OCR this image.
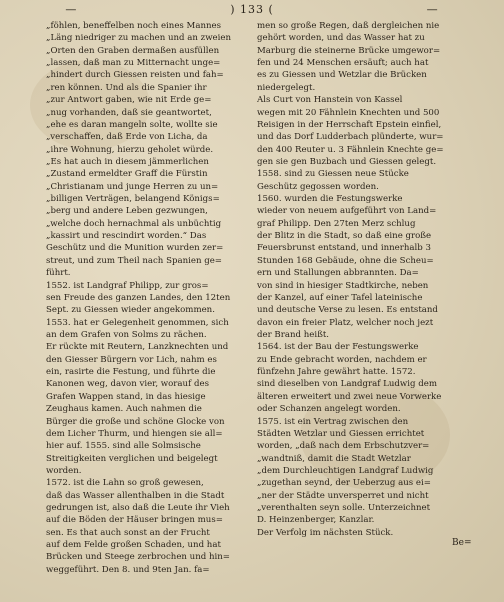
—	) 133 (	—
„föhlen, beneffelben noch eines Mannes
„Läng niedriger zu machen und an zweien
„Orten den Graben dermaßen ausfüllen
„lassen, daß man zu Mitternacht unge=
„hindert durch Giessen reisten und fah=
„ren können. Und als die Spanier ihr
„zur Antwort gaben, wie nit Erde ge=
„nug vorhanden, daß sie geantwortet,
„ehe es daran mangeln solte, wollte sie
„verschaffen, daß Erde von Licha, da
„ihre Wohnung, hierzu geholet würde.
„Es hat auch in diesem jämmerlichen
„Zustand ermeldter Graff die Fürstin
„Christianam und junge Herren zu un=
„billigen Verträgen, belangend Königs=
„berg und andere Leben gezwungen,
„welche doch hernachmal als unbüchtig
„kassirt und rescindirt worden.“ Das
Geschütz und die Munition wurden zer=
streut, und zum Theil nach Spanien ge=
führt.
1552. ist Landgraf Philipp, zur gros=
sen Freude des ganzen Landes, den 12ten
Sept. zu Giessen wieder angekommen.
1553. hat er Gelegenheit genommen, sich
an dem Grafen von Solms zu rächen.
Er rückte mit Reutern, Lanzknechten und
den Giesser Bürgern vor Lich, nahm es
ein, rasirte die Festung, und führte die
Kanonen weg, davon vier, worauf des
Grafen Wappen stand, in das hiesige
Zeughaus kamen. Auch nahmen die
Bürger die große und schöne Glocke von
dem Licher Thurm, und hiengen sie all=
hier auf. 1555. sind alle Solmsische
Streitigkeiten verglichen und beigelegt
worden.
1572. ist die Lahn so groß gewesen,
daß das Wasser allenthalben in die Stadt
gedrungen ist, also daß die Leute ihr Vieh
auf die Böden der Häuser bringen mus=
sen. Es that auch sonst an der Frucht
auf dem Felde großen Schaden, und hat
Brücken und Steege zerbrochen und hin=
weggeführt. Den 8. und 9ten Jan. fa=
men so große Regen, daß dergleichen nie
gehört worden, und das Wasser hat zu
Marburg die steinerne Brücke umgewor=
fen und 24 Menschen ersäuft; auch hat
es zu Giessen und Wetzlar die Brücken
niedergelegt.
Als Curt von Hanstein von Kassel
wegen mit 20 Fähnlein Knechten und 500
Reisigen in der Herrschaft Epstein einfiel,
und das Dorf Ludderbach plünderte, wur=
den 400 Reuter u. 3 Fähnlein Knechte ge=
gen sie gen Buzbach und Giessen gelegt.
1558. sind zu Giessen neue Stücke
Geschütz gegossen worden.
1560. wurden die Festungswerke
wieder von neuem aufgeführt von Land=
graf Philipp. Den 27ten Merz schlug
der Blitz in die Stadt, so daß eine große
Feuersbrunst entstand, und innerhalb 3
Stunden 168 Gebäude, ohne die Scheu=
ern und Stallungen abbrannten. Da=
von sind in hiesiger Stadtkirche, neben
der Kanzel, auf einer Tafel lateinische
und deutsche Verse zu lesen. Es entstand
davon ein freier Platz, welcher noch jezt
der Brand heißt.
1564. ist der Bau der Festungswerke
zu Ende gebracht worden, nachdem er
fünfzehn Jahre gewährt hatte. 1572.
sind dieselben von Landgraf Ludwig dem
älteren erweitert und zwei neue Vorwerke
oder Schanzen angelegt worden.
1575. ist ein Vertrag zwischen den
Städten Wetzlar und Giessen errichtet
worden, „daß nach dem Erbschutzver=
„wandtniß, damit die Stadt Wetzlar
„dem Durchleuchtigen Landgraf Ludwig
„zugethan seynd, der Ueberzug aus ei=
„ner der Städte unversperret und nicht
„verenthalten seyn solle. Unterzeichnet
D. Heinzenberger, Kanzlar.
Der Verfolg im nächsten Stück.
Be=
